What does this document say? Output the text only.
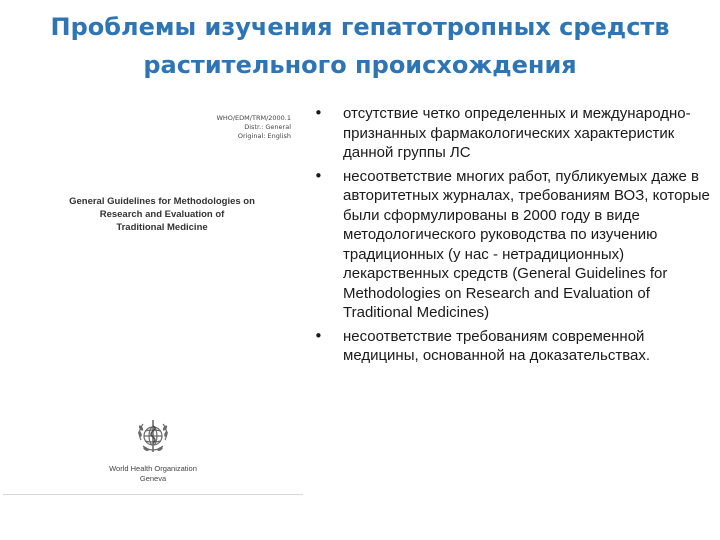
Проблемы изучения гепатотропных средств
растительного происхождения
WHO/EDM/TRM/2000.1
Distr.: General
Original: English
General Guidelines for Methodologies on
Research and Evaluation of
Traditional Medicine
World Health Organization
Geneva
• отсутствие четко определенных и международно-признанных фармакологических характеристик данной группы ЛС
• несоответствие многих работ, публикуемых даже в авторитетных журналах, требованиям ВОЗ, которые были сформулированы в 2000 году в виде методологического руководства по изучению традиционных (у нас - нетрадиционных) лекарственных средств (General Guidelines for Methodologies on Research and Evaluation of Traditional Medicines)
• несоответствие требованиям современной медицины, основанной на доказательствах.
